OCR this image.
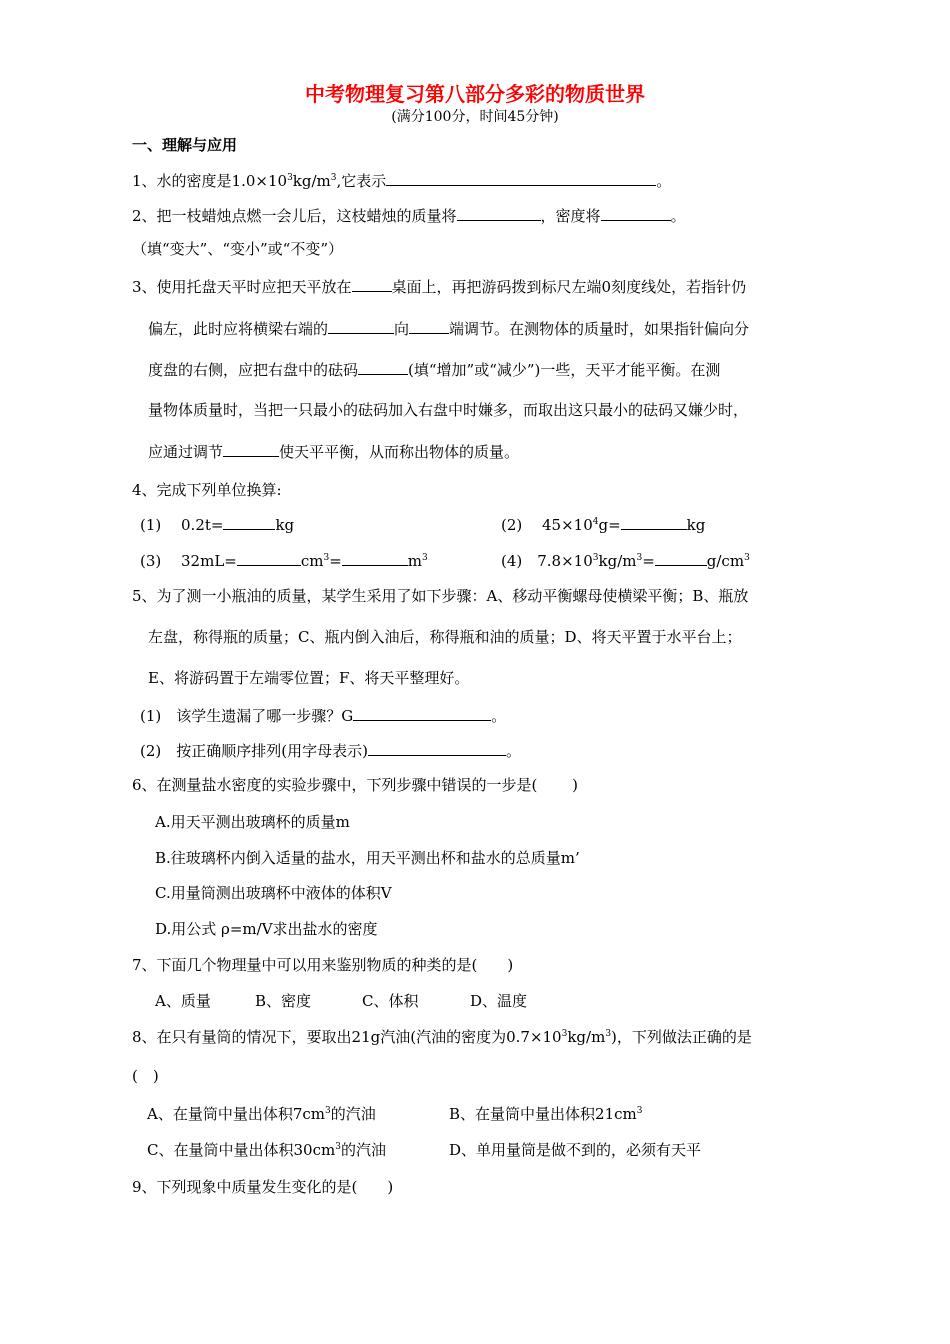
中考物理复习第八部分多彩的物质世界
(满分100分，时间45分钟)
一、理解与应用
1、水的密度是$1.0\times 10^3kg/m^3$,它表示	。
2、把一枝蜡烛点燃一会儿后，这枝蜡烛的质量将	，密度将	。
（填“变大”、“变小”或“不变”）
3、使用托盘天平时应把天平放在	桌面上，再把游码拨到标尺左端0刻度线处，若指针仍
偏左，此时应将横梁右端的	向	端调节。在测物体的质量时，如果指针偏向分
度盘的右侧，应把右盘中的砝码	(填“增加”或“减少”)一些，天平才能平衡。在测
量物体质量时，当把一只最小的砝码加入右盘中时嫌多，而取出这只最小的砝码又嫌少时，
应通过调节	使天平平衡，从而称出物体的质量。
4、完成下列单位换算:
(1)　 0.2t=	kg	(2)　 $45\times 10^4g=$	kg
(3)　 32mL=	$cm^3=$	$m^3$	(4)　$7.8\times 10^3kg/m^3=$	$g/cm^3$
5、为了测一小瓶油的质量，某学生采用了如下步骤：A、移动平衡螺母使横梁平衡；B、瓶放
左盘，称得瓶的质量；C、瓶内倒入油后，称得瓶和油的质量；D、将天平置于水平台上；
E、将游码置于左端零位置；F、将天平整理好。
(1)　该学生遗漏了哪一步骤？G	。
(2)　按正确顺序排列(用字母表示)	。
6、在测量盐水密度的实验步骤中，下列步骤中错误的一步是(　　 )
A.用天平测出玻璃杯的质量m
B.往玻璃杯内倒入适量的盐水，用天平测出杯和盐水的总质量m’
C.用量筒测出玻璃杯中液体的体积V
D.用公式 ρ=m/V求出盐水的密度
7、下面几个物理量中可以用来鉴别物质的种类的是(　　)
A、质量	B、密度	C、体积	D、温度
8、在只有量筒的情况下，要取出21g汽油(汽油的密度为$0.7\times 10^3kg/m^3$)，下列做法正确的是
(　)
A、在量筒中量出体积$7cm^3$的汽油	B、在量筒中量出体积$21cm^3$
C、在量筒中量出体积$30cm^3$的汽油	D、单用量筒是做不到的，必须有天平
9、下列现象中质量发生变化的是(　　)
